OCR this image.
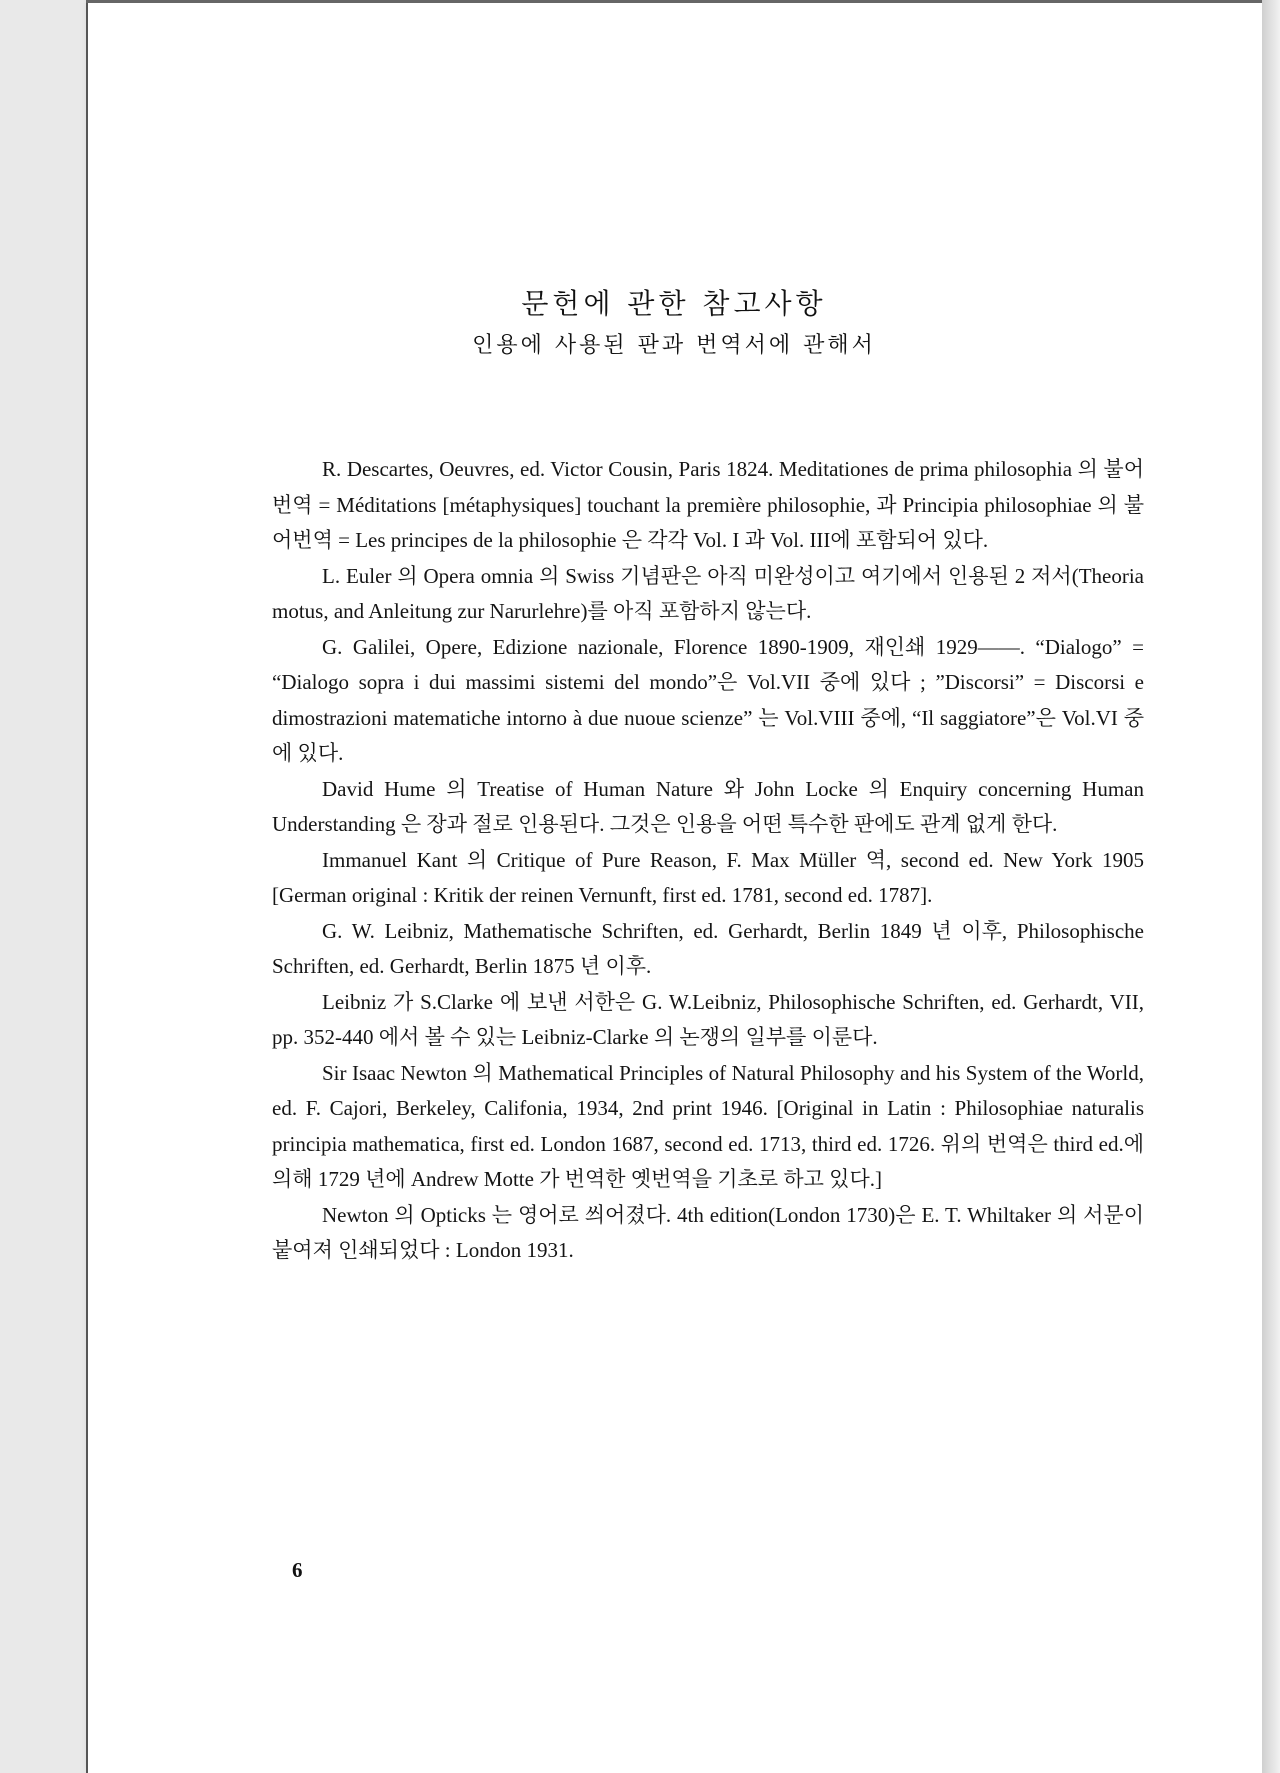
문헌에 관한 참고사항
인용에 사용된 판과 번역서에 관해서

R. Descartes, Oeuvres, ed. Victor Cousin, Paris 1824. Meditationes de prima philosophia 의 불어번역 = Méditations [métaphysiques] touchant la première philosophie, 과 Principia philosophiae 의 불어번역 = Les principes de la philosophie 은 각각 Vol. I 과 Vol. III에 포함되어 있다.

L. Euler 의 Opera omnia 의 Swiss 기념판은 아직 미완성이고 여기에서 인용된 2 저서(Theoria motus, and Anleitung zur Narurlehre)를 아직 포함하지 않는다.

G. Galilei, Opere, Edizione nazionale, Florence 1890-1909, 재인쇄 1929——. “Dialogo” = “Dialogo sopra i dui massimi sistemi del mondo”은 Vol.VII 중에 있다 ; ”Discorsi” = Discorsi e dimostrazioni matematiche intorno à due nuoue scienze” 는 Vol.VIII 중에, “Il saggiatore”은 Vol.VI 중에 있다.

David Hume 의 Treatise of Human Nature 와 John Locke 의 Enquiry concerning Human Understanding 은 장과 절로 인용된다. 그것은 인용을 어떤 특수한 판에도 관계 없게 한다.

Immanuel Kant 의 Critique of Pure Reason, F. Max Müller 역, second ed. New York 1905 [German original : Kritik der reinen Vernunft, first ed. 1781, second ed. 1787].

G. W. Leibniz, Mathematische Schriften, ed. Gerhardt, Berlin 1849 년 이후, Philosophische Schriften, ed. Gerhardt, Berlin 1875 년 이후.

Leibniz 가 S.Clarke 에 보낸 서한은 G. W.Leibniz, Philosophische Schriften, ed. Gerhardt, VII, pp. 352-440 에서 볼 수 있는 Leibniz-Clarke 의 논쟁의 일부를 이룬다.

Sir Isaac Newton 의 Mathematical Principles of Natural Philosophy and his System of the World, ed. F. Cajori, Berkeley, Califonia, 1934, 2nd print 1946. [Original in Latin : Philosophiae naturalis principia mathematica, first ed. London 1687, second ed. 1713, third ed. 1726. 위의 번역은 third ed.에 의해 1729 년에 Andrew Motte 가 번역한 옛번역을 기초로 하고 있다.]

Newton 의 Opticks 는 영어로 씌어졌다. 4th edition(London 1730)은 E. T. Whiltaker 의 서문이 붙여져 인쇄되었다 : London 1931.

6
